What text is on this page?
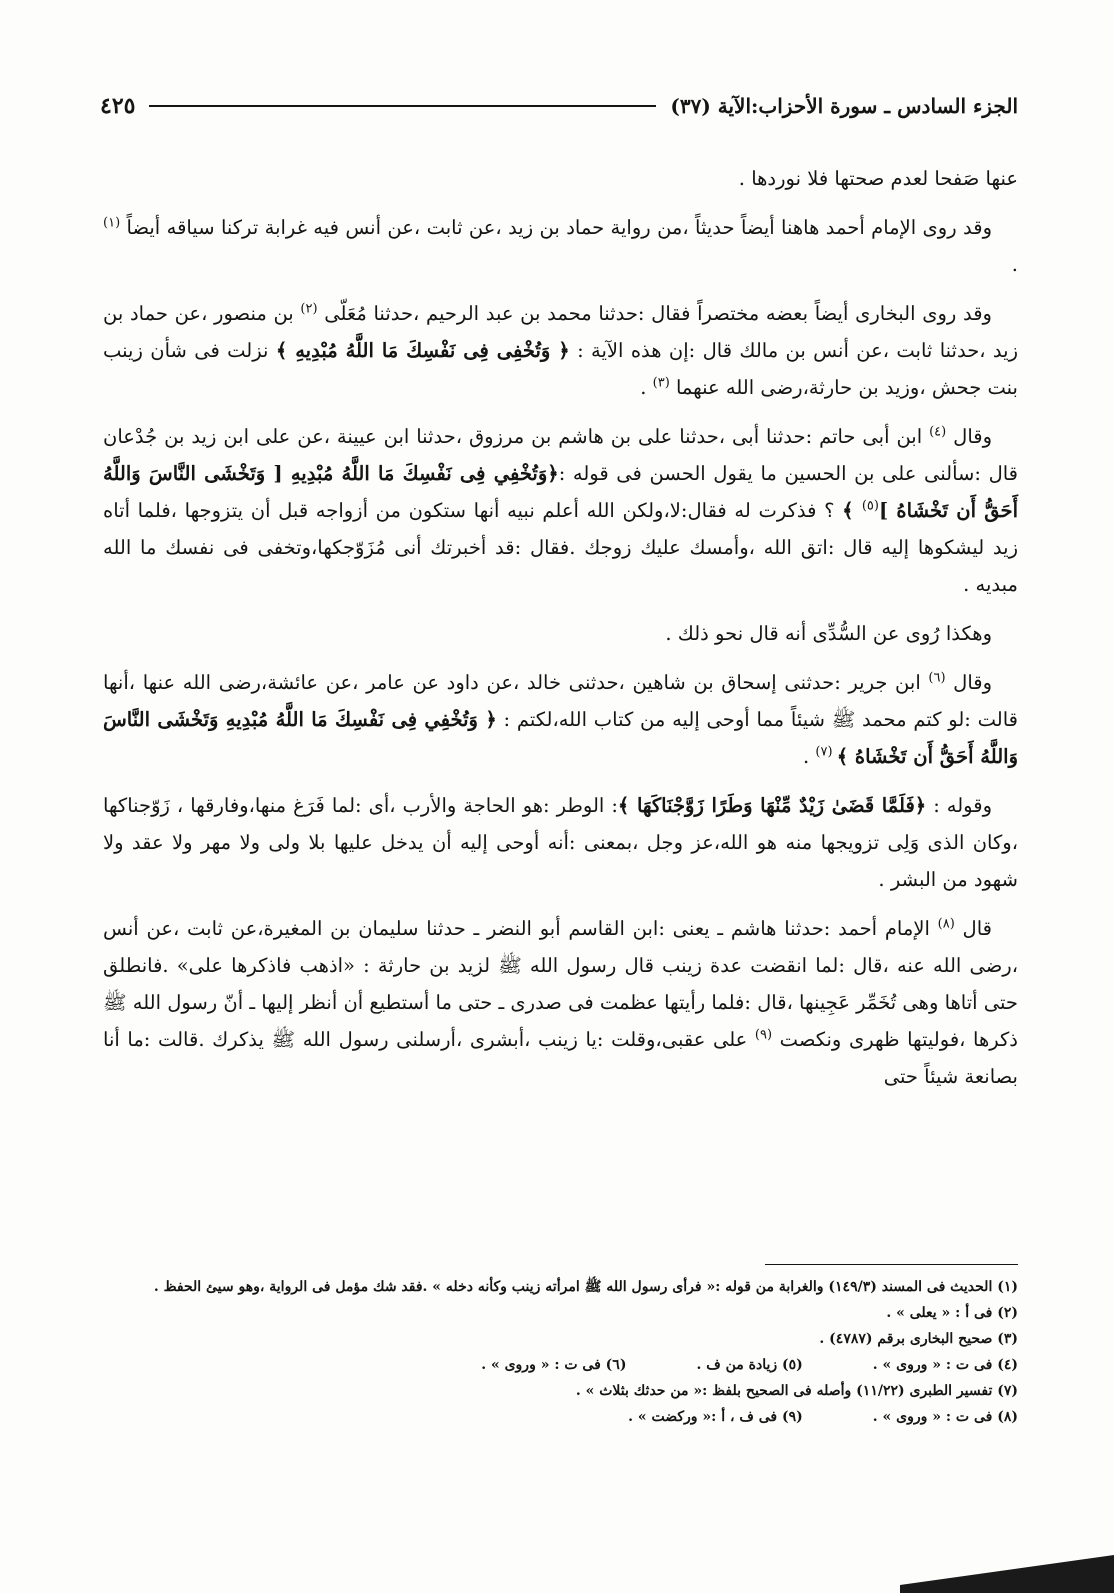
الجزء السادس ـ سورة الأحزاب:الآية (٣٧)
٤٢٥

عنها صَفحا لعدم صحتها فلا نوردها .

وقد روى الإمام أحمد هاهنا أيضاً حديثاً ،من رواية حماد بن زيد ،عن ثابت ،عن أنس فيه غرابة تركنا سياقه أيضاً $^{(١)}$ .

وقد روى البخارى أيضاً بعضه مختصراً فقال :حدثنا محمد بن عبد الرحيم ،حدثنا مُعَلّى $^{(٢)}$ بن منصور ،عن حماد بن زيد ،حدثنا ثابت ،عن أنس بن مالك قال :إن هذه الآية : ﴿ وَتُخْفِى فِى نَفْسِكَ مَا اللَّهُ مُبْدِيهِ ﴾ نزلت فى شأن زينب بنت جحش ،وزيد بن حارثة،رضى الله عنهما $^{(٣)}$ .

وقال $^{(٤)}$ ابن أبى حاتم :حدثنا أبى ،حدثنا على بن هاشم بن مرزوق ،حدثنا ابن عيينة ،عن على ابن زيد بن جُدْعان قال :سألنى على بن الحسين ما يقول الحسن فى قوله :﴿وَتُخْفِي فِى نَفْسِكَ مَا اللَّهُ مُبْدِيهِ [ وَتَخْشَى النَّاسَ وَاللَّهُ أَحَقُّ أَن تَخْشَاهُ ]$^{(٥)}$ ﴾ ؟ فذكرت له فقال:لا،ولكن الله أعلم نبيه أنها ستكون من أزواجه قبل أن يتزوجها ،فلما أتاه زيد ليشكوها إليه قال :اتق الله ،وأمسك عليك زوجك .فقال :قد أخبرتك أنى مُزَوّجكها،وتخفى فى نفسك ما الله مبديه .

وهكذا رُوى عن السُّدِّى أنه قال نحو ذلك .

وقال $^{(٦)}$ ابن جرير :حدثنى إسحاق بن شاهين ،حدثنى خالد ،عن داود عن عامر ،عن عائشة،رضى الله عنها ،أنها قالت :لو كتم محمد ﷺ شيئاً مما أوحى إليه من كتاب الله،لكتم : ﴿ وَتُخْفِي فِى نَفْسِكَ مَا اللَّهُ مُبْدِيهِ وَتَخْشَى النَّاسَ وَاللَّهُ أَحَقُّ أَن تَخْشَاهُ ﴾ $^{(٧)}$ .

وقوله : ﴿فَلَمَّا قَضَىٰ زَيْدٌ مِّنْهَا وَطَرًا زَوَّجْنَاكَهَا ﴾: الوطر :هو الحاجة والأرب ،أى :لما فَرَغ منها،وفارقها ، زَوّجناكها ،وكان الذى وَلِى تزويجها منه هو الله،عز وجل ،بمعنى :أنه أوحى إليه أن يدخل عليها بلا ولى ولا مهر ولا عقد ولا شهود من البشر .

قال $^{(٨)}$ الإمام أحمد :حدثنا هاشم ـ يعنى :ابن القاسم أبو النضر ـ حدثنا سليمان بن المغيرة،عن ثابت ،عن أنس ،رضى الله عنه ،قال :لما انقضت عدة زينب قال رسول الله ﷺ لزيد بن حارثة : «اذهب فاذكرها على» .فانطلق حتى أتاها وهى تُخَمِّر عَجِينها ،قال :فلما رأيتها عظمت فى صدرى ـ حتى ما أستطيع أن أنظر إليها ـ أنّ رسول الله ﷺ ذكرها ،فوليتها ظهرى ونكصت $^{(٩)}$ على عقبى،وقلت :يا زينب ،أبشرى ،أرسلنى رسول الله ﷺ يذكرك .قالت :ما أنا بصانعة شيئاً حتى

(١) الحديث فى المسند (١٤٩/٣) والغرابة من قوله :« فرأى رسول الله ﷺ امرأته زينب وكأنه دخله » .فقد شك مؤمل فى الرواية ،وهو سيئ الحفظ .

(٢) فى أ : « يعلى » .

(٣) صحيح البخارى برقم (٤٧٨٧) .

(٤) فى ت : « وروى » .
(٥) زيادة من ف .
(٦) فى ت : « وروى » .

(٧) تفسير الطبرى (١١/٢٢) وأصله فى الصحيح بلفظ :« من حدثك بثلاث » .

(٨) فى ت : « وروى » .
(٩) فى ف ، أ :« وركضت » .
